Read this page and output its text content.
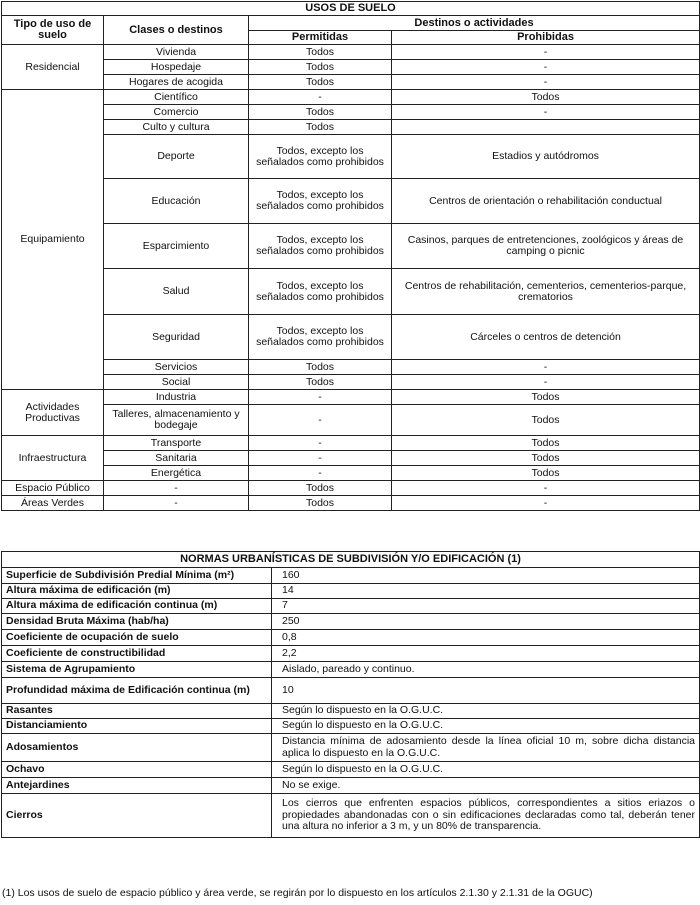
USOS DE SUELO			
Tipo de uso de suelo	Clases o destinos	Destinos o actividades	
		Permitidas	Prohibidas
Residencial	Vivienda	Todos	-
	Hospedaje	Todos	-
	Hogares de acogida	Todos	-
Equipamiento	Científico	-	Todos
	Comercio	Todos	-
	Culto y cultura	Todos	
	Deporte	Todos, excepto los señalados como prohibidos	Estadios y autódromos
	Educación	Todos, excepto los señalados como prohibidos	Centros de orientación o rehabilitación conductual
	Esparcimiento	Todos, excepto los señalados como prohibidos	Casinos, parques de entretenciones, zoológicos y áreas de camping o picnic
	Salud	Todos, excepto los señalados como prohibidos	Centros de rehabilitación, cementerios, cementerios-parque, crematorios
	Seguridad	Todos, excepto los señalados como prohibidos	Cárceles o centros de detención
	Servicios	Todos	-
	Social	Todos	-
Actividades Productivas	Industria	-	Todos
	Talleres, almacenamiento y bodegaje	-	Todos
Infraestructura	Transporte	-	Todos
	Sanitaria	-	Todos
	Energética	-	Todos
Espacio Público	-	Todos	-
Áreas Verdes	-	Todos	-
NORMAS URBANÍSTICAS DE SUBDIVISIÓN Y/O EDIFICACIÓN (1)	
Superficie de Subdivisión Predial Mínima (m²)	160
Altura máxima de edificación (m)	14
Altura máxima de edificación continua (m)	7
Densidad Bruta Máxima (hab/ha)	250
Coeficiente de ocupación de suelo	0,8
Coeficiente de constructibilidad	2,2
Sistema de Agrupamiento	Aislado, pareado y continuo.
Profundidad máxima de Edificación continua (m)	10
Rasantes	Según lo dispuesto en la O.G.U.C.
Distanciamiento	Según lo dispuesto en la O.G.U.C.
Adosamientos	Distancia mínima de adosamiento desde la línea oficial 10 m, sobre dicha distancia aplica lo dispuesto en la O.G.U.C.
Ochavo	Según lo dispuesto en la O.G.U.C.
Antejardines	No se exige.
Cierros	Los cierros que enfrenten espacios públicos, correspondientes a sitios eriazos o propiedades abandonadas con o sin edificaciones declaradas como tal, deberán tener una altura no inferior a 3 m, y un 80% de transparencia.
(1) Los usos de suelo de espacio público y área verde, se regirán por lo dispuesto en los artículos 2.1.30 y 2.1.31 de la OGUC)
